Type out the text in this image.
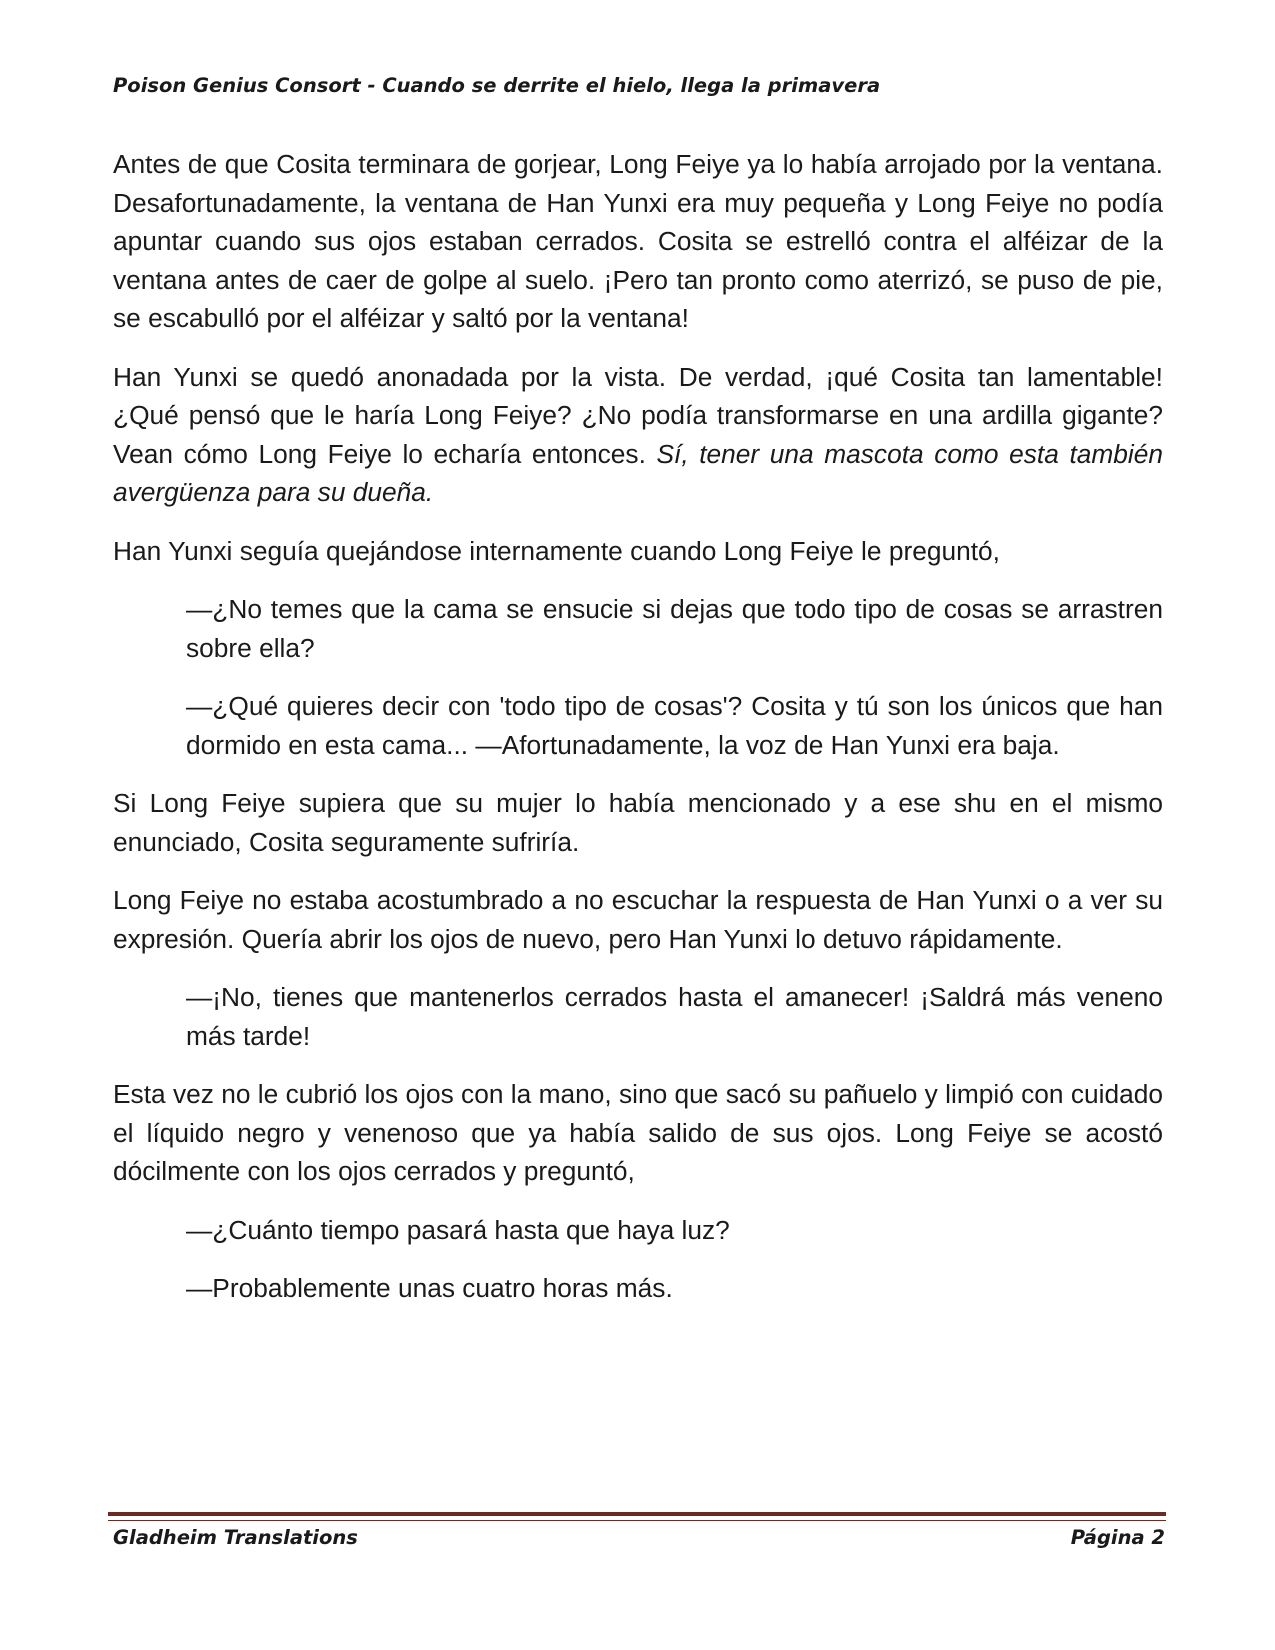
Poison Genius Consort - Cuando se derrite el hielo, llega la primavera

Antes de que Cosita terminara de gorjear, Long Feiye ya lo había arrojado por la ventana. Desafortunadamente, la ventana de Han Yunxi era muy pequeña y Long Feiye no podía apuntar cuando sus ojos estaban cerrados. Cosita se estrelló contra el alféizar de la ventana antes de caer de golpe al suelo. ¡Pero tan pronto como aterrizó, se puso de pie, se escabulló por el alféizar y saltó por la ventana!

Han Yunxi se quedó anonadada por la vista. De verdad, ¡qué Cosita tan lamentable! ¿Qué pensó que le haría Long Feiye? ¿No podía transformarse en una ardilla gigante? Vean cómo Long Feiye lo echaría entonces. Sí, tener una mascota como esta también avergüenza para su dueña.

Han Yunxi seguía quejándose internamente cuando Long Feiye le preguntó,

—¿No temes que la cama se ensucie si dejas que todo tipo de cosas se arrastren sobre ella?

—¿Qué quieres decir con 'todo tipo de cosas'? Cosita y tú son los únicos que han dormido en esta cama... —Afortunadamente, la voz de Han Yunxi era baja.

Si Long Feiye supiera que su mujer lo había mencionado y a ese shu en el mismo enunciado, Cosita seguramente sufriría.

Long Feiye no estaba acostumbrado a no escuchar la respuesta de Han Yunxi o a ver su expresión. Quería abrir los ojos de nuevo, pero Han Yunxi lo detuvo rápidamente.

—¡No, tienes que mantenerlos cerrados hasta el amanecer! ¡Saldrá más veneno más tarde!

Esta vez no le cubrió los ojos con la mano, sino que sacó su pañuelo y limpió con cuidado el líquido negro y venenoso que ya había salido de sus ojos. Long Feiye se acostó dócilmente con los ojos cerrados y preguntó,

—¿Cuánto tiempo pasará hasta que haya luz?

—Probablemente unas cuatro horas más.

Gladheim Translations	Página 2
